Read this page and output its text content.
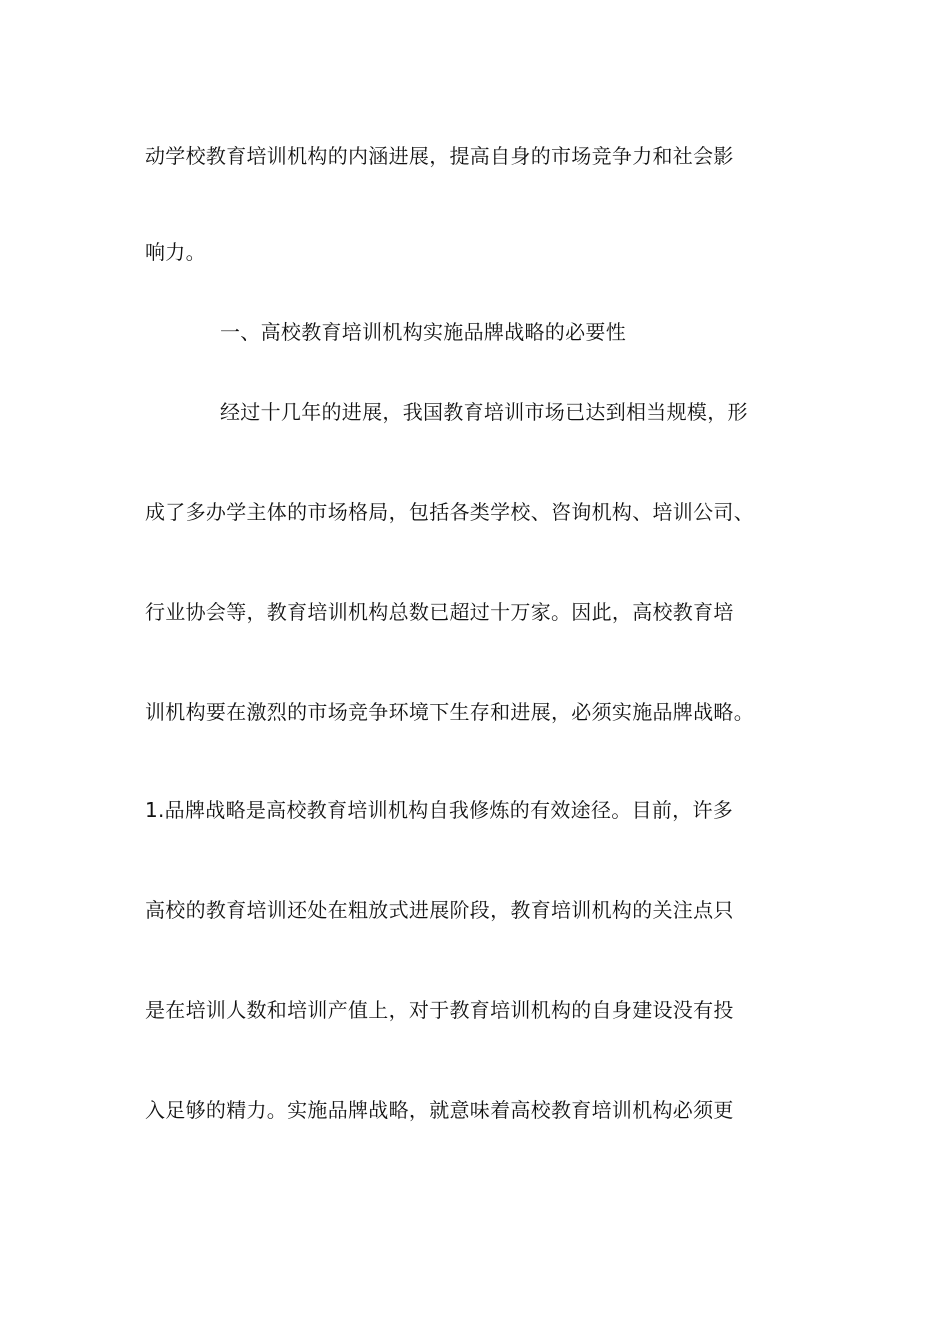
动学校教育培训机构的内涵进展，提高自身的市场竞争力和社会影
响力。
一、高校教育培训机构实施品牌战略的必要性
经过十几年的进展，我国教育培训市场已达到相当规模，形
成了多办学主体的市场格局，包括各类学校、咨询机构、培训公司、
行业协会等，教育培训机构总数已超过十万家。因此，高校教育培
训机构要在激烈的市场竞争环境下生存和进展，必须实施品牌战略。
1.品牌战略是高校教育培训机构自我修炼的有效途径。目前，许多
高校的教育培训还处在粗放式进展阶段，教育培训机构的关注点只
是在培训人数和培训产值上，对于教育培训机构的自身建设没有投
入足够的精力。实施品牌战略，就意味着高校教育培训机构必须更
